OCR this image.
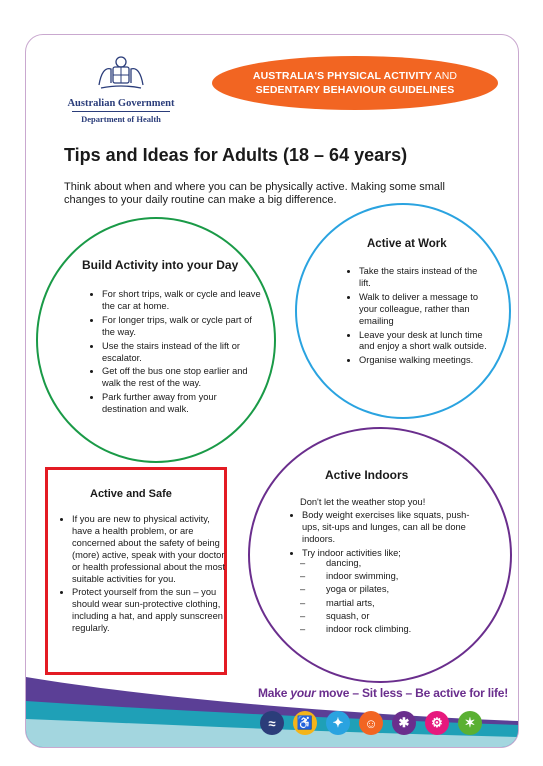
Australian Government
Department of Health
AUSTRALIA'S PHYSICAL ACTIVITY AND
SEDENTARY BEHAVIOUR GUIDELINES
Tips and Ideas for Adults (18 – 64 years)
Think about when and where you can be physically active. Making some small changes to your daily routine can make a big difference.
Build Activity into your Day
• For short trips, walk or cycle and leave the car at home.
• For longer trips, walk or cycle part of the way.
• Use the stairs instead of the lift or escalator.
• Get off the bus one stop earlier and walk the rest of the way.
• Park further away from your destination and walk.
Active at Work
• Take the stairs instead of the lift.
• Walk to deliver a message to your colleague, rather than emailing
• Leave your desk at lunch time and enjoy a short walk outside.
• Organise walking meetings.
Active Indoors
Don't let the weather stop you!
• Body weight exercises like squats, push-ups, sit-ups and lunges, can all be done indoors.
• Try indoor activities like;
– dancing,
– indoor swimming,
– yoga or pilates,
– martial arts,
– squash, or
– indoor rock climbing.
Active and Safe
• If you are new to physical activity, have a health problem, or are concerned about the safety of being (more) active, speak with your doctor or health professional about the most suitable activities for you.
• Protect yourself from the sun – you should wear sun-protective clothing, including a hat, and apply sunscreen regularly.
Make your move – Sit less – Be active for life!
≈	♿	✦	☺	✱	⚙	✶
